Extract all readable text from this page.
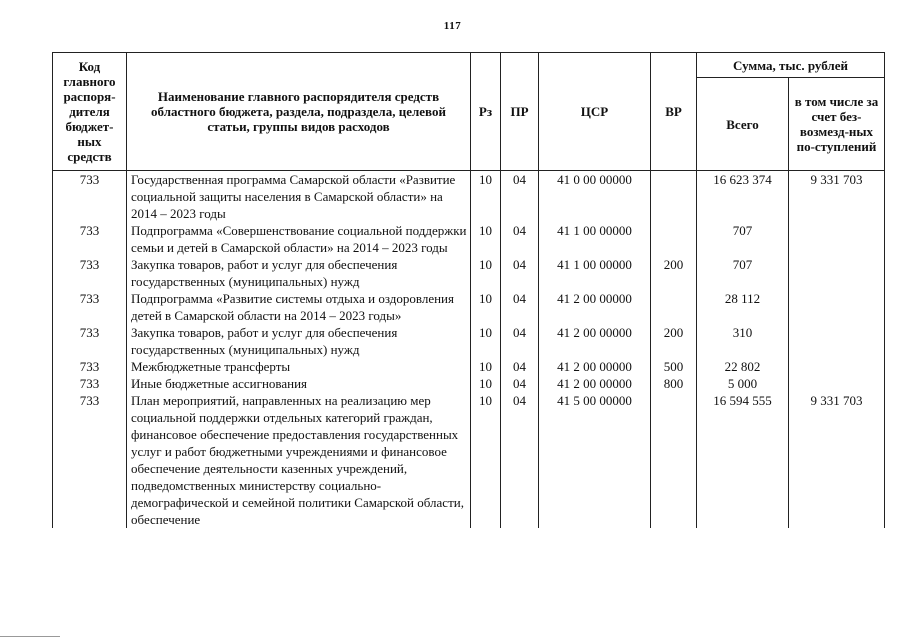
117
Код главного распоря-дителя бюджет-ных средств	Наименование главного распорядителя средств областного бюджета, раздела, подраздела, целевой статьи, группы видов расходов	Рз	ПР	ЦСР	ВР	Сумма, тыс. рублей	
						Всего	в том числе за счет без-возмезд-ных по-ступлений
733	Государственная программа Самарской области «Развитие социальной защиты населения в Самарской области» на 2014 – 2023 годы	10	04	41 0 00 00000		16 623 374	9 331 703
733	Подпрограмма «Совершенствование социальной поддержки семьи и детей в Самарской области» на 2014 – 2023 годы	10	04	41 1 00 00000		707	
733	Закупка товаров, работ и услуг для обеспечения государственных (муниципальных) нужд	10	04	41 1 00 00000	200	707	
733	Подпрограмма «Развитие системы отдыха и оздоровления детей в Самарской области на 2014 – 2023 годы»	10	04	41 2 00 00000		28 112	
733	Закупка товаров, работ и услуг для обеспечения государственных (муниципальных) нужд	10	04	41 2 00 00000	200	310	
733	Межбюджетные трансферты	10	04	41 2 00 00000	500	22 802	
733	Иные бюджетные ассигнования	10	04	41 2 00 00000	800	5 000	
733	План мероприятий, направленных на реализацию мер социальной поддержки отдельных категорий граждан, финансовое обеспечение предоставления государственных услуг и работ бюджетными учреждениями и финансовое обеспечение деятельности казенных учреждений, подведомственных министерству социально-демографической и семейной политики Самарской области, обеспечение	10	04	41 5 00 00000		16 594 555	9 331 703
